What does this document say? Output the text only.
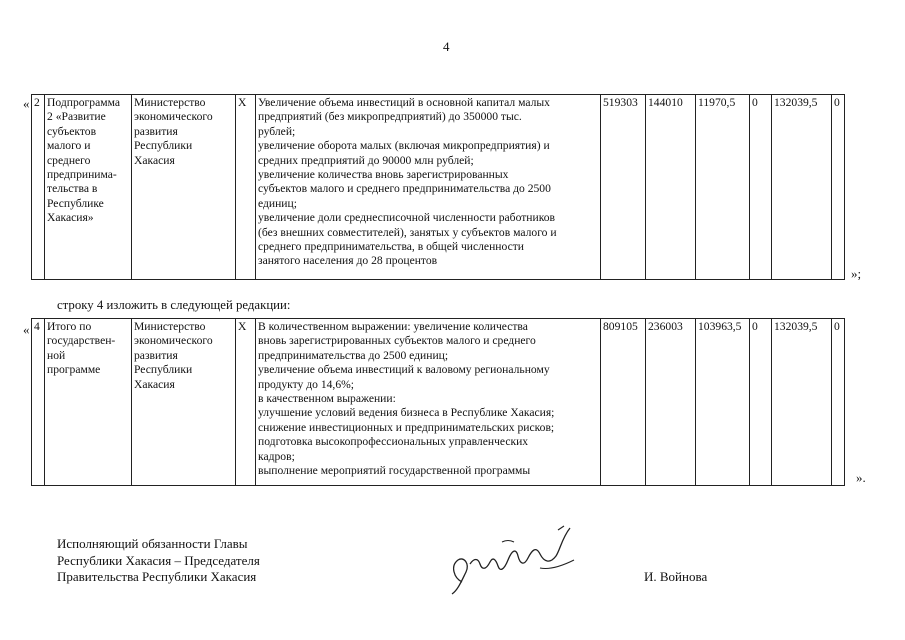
4
« 2	Подпрограмма
2 «Развитие
субъектов
малого и
среднего
предпринима-
тельства в
Республике
Хакасия»

Министерство
экономического
развития
Республики
Хакасия
	Х	Увеличение объема инвестиций в основной капитал малых
предприятий (без микропредприятий) до 350000 тыс.
рублей;
увеличение оборота малых (включая микропредприятия) и
средних предприятий до 90000 млн рублей;
увеличение количества вновь зарегистрированных
субъектов малого и среднего предпринимательства до 2500
единиц;
увеличение доли среднесписочной численности работников
(без внешних совместителей), занятых у субъектов малого и
среднего предпринимательства, в общей численности
занятого населения до 28 процентов
	519303	144010	11970,5	0	132039,5	0
»;
строку 4 изложить в следующей редакции:
« 4	Итого по
государствен-
ной
программе

Министерство
экономического
развития
Республики
Хакасия
	Х	В количественном выражении: увеличение количества
вновь зарегистрированных субъектов малого и среднего
предпринимательства до 2500 единиц;
увеличение объема инвестиций к валовому региональному
продукту до 14,6%;
в качественном выражении:
улучшение условий ведения бизнеса в Республике Хакасия;
снижение инвестиционных и предпринимательских рисков;
подготовка высокопрофессиональных управленческих
кадров;
выполнение мероприятий государственной программы
	809105	236003	103963,5	0	132039,5	0
».
Исполняющий обязанности Главы
Республики Хакасия – Председателя
Правительства Республики Хакасия	И. Войнова
